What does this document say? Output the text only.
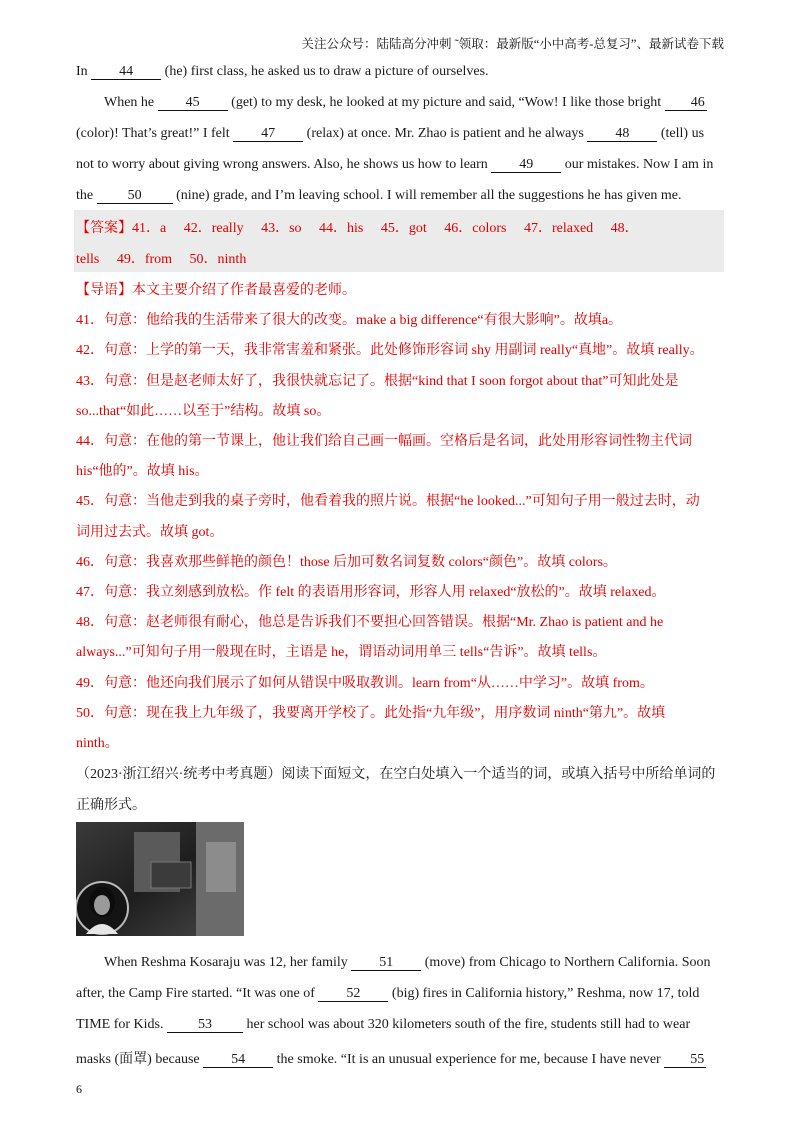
关注公众号：陆陆高分冲刺 ˜领取：最新版“小中高考-总复习”、最新试卷下载
In 44 (he) first class, he asked us to draw a picture of ourselves.
When he 45 (get) to my desk, he looked at my picture and said, “Wow! I like those bright 46
(color)! That’s great!” I felt 47 (relax) at once. Mr. Zhao is patient and he always 48 (tell) us
not to worry about giving wrong answers. Also, he shows us how to learn 49 our mistakes. Now I am in
the 50 (nine) grade, and I’m leaving school. I will remember all the suggestions he has given me.
【答案】41．a　 42．really　 43．so　 44．his　 45．got　 46．colors　 47．relaxed　 48．
tells　 49．from　 50．ninth
【导语】本文主要介绍了作者最喜爱的老师。
41．句意：他给我的生活带来了很大的改变。make a big difference“有很大影响”。故填a。
42．句意：上学的第一天，我非常害羞和紧张。此处修饰形容词 shy 用副词 really“真地”。故填 really。
43．句意：但是赵老师太好了，我很快就忘记了。根据“kind that I soon forgot about that”可知此处是
so...that“如此……以至于”结构。故填 so。
44．句意：在他的第一节课上，他让我们给自己画一幅画。空格后是名词，此处用形容词性物主代词
his“他的”。故填 his。
45．句意：当他走到我的桌子旁时，他看着我的照片说。根据“he looked...”可知句子用一般过去时，动
词用过去式。故填 got。
46．句意：我喜欢那些鲜艳的颜色！those 后加可数名词复数 colors“颜色”。故填 colors。
47．句意：我立刻感到放松。作 felt 的表语用形容词，形容人用 relaxed“放松的”。故填 relaxed。
48．句意：赵老师很有耐心，他总是告诉我们不要担心回答错误。根据“Mr. Zhao is patient and he
always...”可知句子用一般现在时，主语是 he，谓语动词用单三 tells“告诉”。故填 tells。
49．句意：他还向我们展示了如何从错误中吸取教训。learn from“从……中学习”。故填 from。
50．句意：现在我上九年级了，我要离开学校了。此处指“九年级”，用序数词 ninth“第九”。故填
ninth。
（2023·浙江绍兴·统考中考真题）阅读下面短文，在空白处填入一个适当的词，或填入括号中所给单词的
正确形式。
When Reshma Kosaraju was 12, her family 51 (move) from Chicago to Northern California. Soon
after, the Camp Fire started. “It was one of 52 (big) fires in California history,” Reshma, now 17, told
TIME for Kids. 53 her school was about 320 kilometers south of the fire, students still had to wear
masks (面罩) because 54 the smoke. “It is an unusual experience for me, because I have never 55
6
